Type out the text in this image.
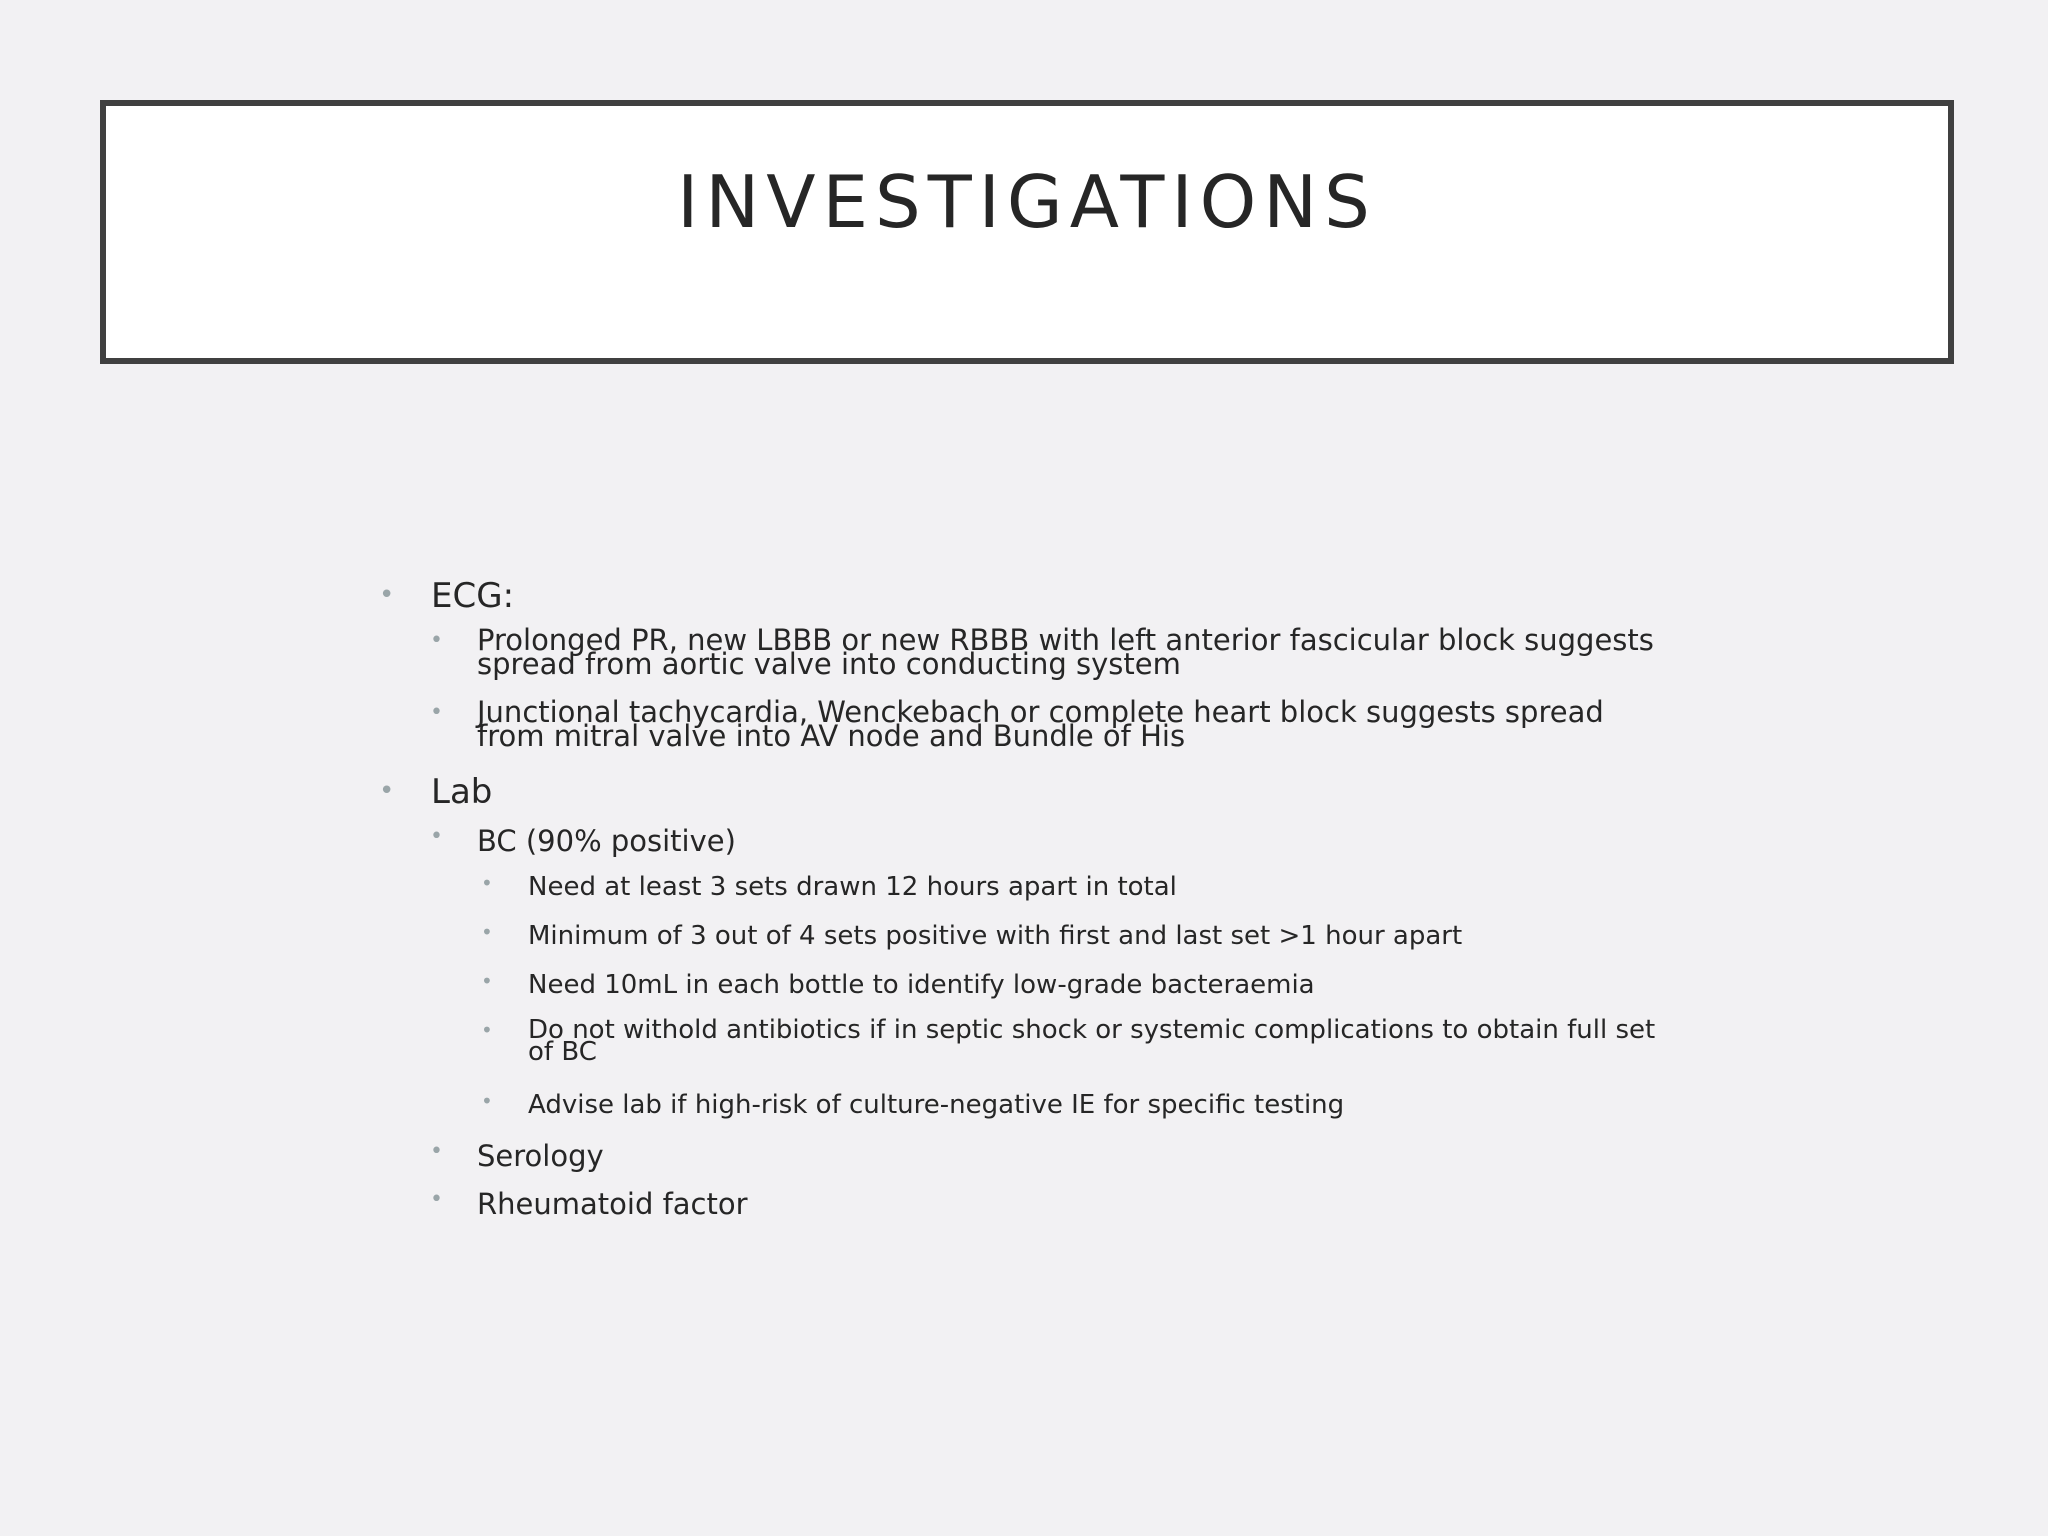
INVESTIGATIONS
• ECG:
• Prolonged PR, new LBBB or new RBBB with left anterior fascicular block suggests spread from aortic valve into conducting system
• Junctional tachycardia, Wenckebach or complete heart block suggests spread from mitral valve into AV node and Bundle of His
• Lab
• BC (90% positive)
• Need at least 3 sets drawn 12 hours apart in total
• Minimum of 3 out of 4 sets positive with first and last set >1 hour apart
• Need 10mL in each bottle to identify low-grade bacteraemia
• Do not withold antibiotics if in septic shock or systemic complications to obtain full set of BC
• Advise lab if high-risk of culture-negative IE for specific testing
• Serology
• Rheumatoid factor
